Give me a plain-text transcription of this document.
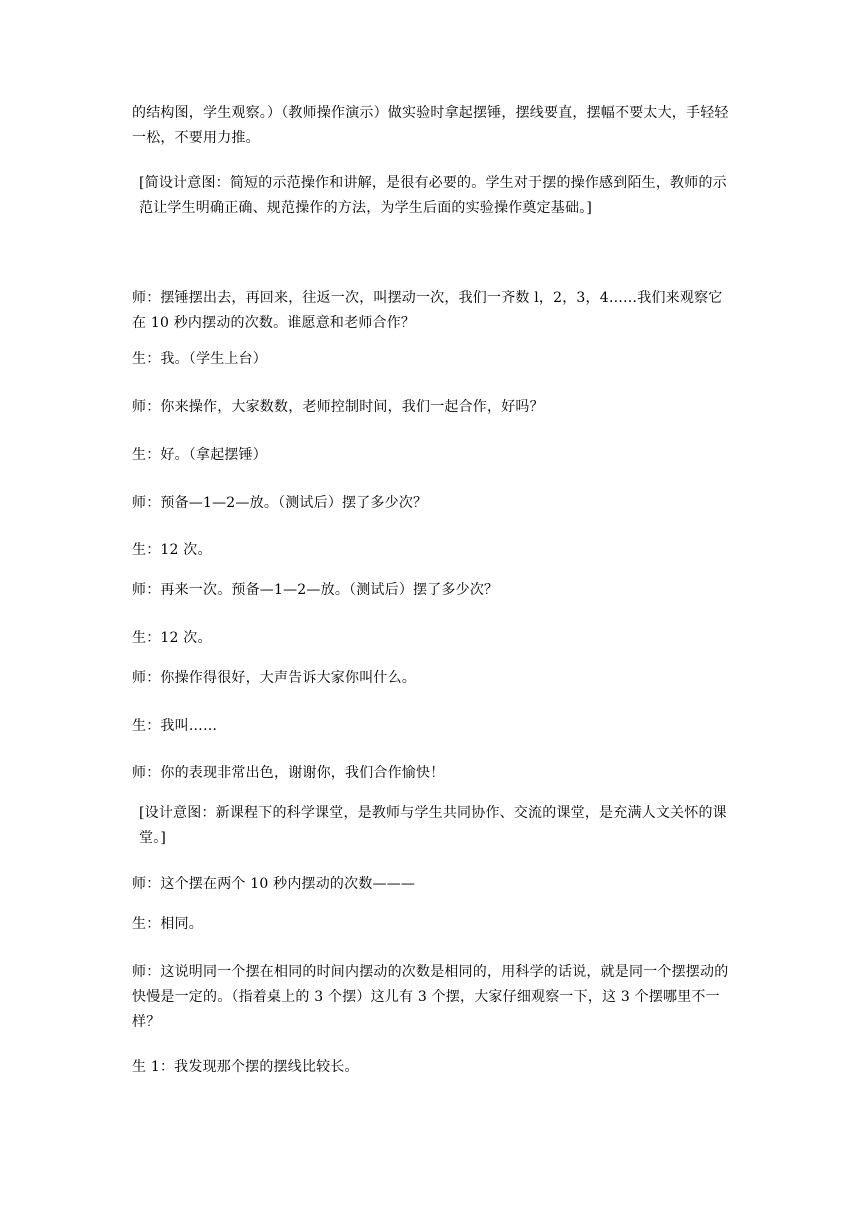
的结构图，学生观察。）（教师操作演示）做实验时拿起摆锤，摆线要直，摆幅不要太大，手轻轻一松，不要用力推。

[简设计意图：简短的示范操作和讲解，是很有必要的。学生对于摆的操作感到陌生，教师的示范让学生明确正确、规范操作的方法，为学生后面的实验操作奠定基础。]

师：摆锤摆出去，再回来，往返一次，叫摆动一次，我们一齐数 l，2，3，4……我们来观察它在 10 秒内摆动的次数。谁愿意和老师合作？

生：我。（学生上台）

师：你来操作，大家数数，老师控制时间，我们一起合作，好吗？

生：好。（拿起摆锤）

师：预备—1—2—放。（测试后）摆了多少次？

生：12 次。

师：再来一次。预备—1—2—放。（测试后）摆了多少次？

生：12 次。

师：你操作得很好，大声告诉大家你叫什么。

生：我叫……

师：你的表现非常出色，谢谢你，我们合作愉快！

[设计意图：新课程下的科学课堂，是教师与学生共同协作、交流的课堂，是充满人文关怀的课堂。]

师：这个摆在两个 10 秒内摆动的次数———

生：相同。

师：这说明同一个摆在相同的时间内摆动的次数是相同的，用科学的话说，就是同一个摆摆动的快慢是一定的。（指着桌上的 3 个摆）这儿有 3 个摆，大家仔细观察一下，这 3 个摆哪里不一样？

生 1：我发现那个摆的摆线比较长。
